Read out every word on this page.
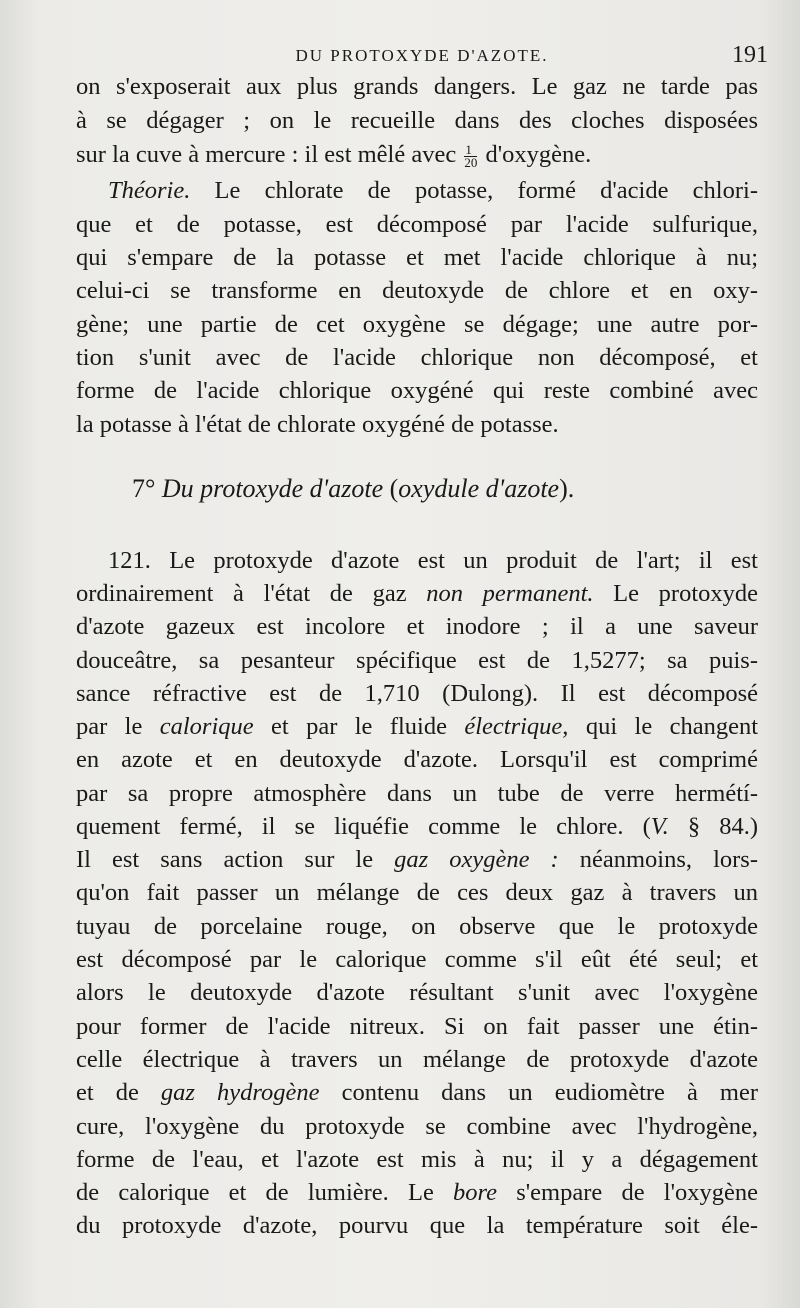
DU PROTOXYDE D'AZOTE.	191
on s'exposerait aux plus grands dangers. Le gaz ne tarde pas
à se dégager ; on le recueille dans des cloches disposées
sur la cuve à mercure : il est mêlé avec $\frac{1}{20}$ d'oxygène.
Théorie. Le chlorate de potasse, formé d'acide chlori-
que et de potasse, est décomposé par l'acide sulfurique,
qui s'empare de la potasse et met l'acide chlorique à nu;
celui-ci se transforme en deutoxyde de chlore et en oxy-
gène; une partie de cet oxygène se dégage; une autre por-
tion s'unit avec de l'acide chlorique non décomposé, et
forme de l'acide chlorique oxygéné qui reste combiné avec
la potasse à l'état de chlorate oxygéné de potasse.
7° Du protoxyde d'azote (oxydule d'azote).
121. Le protoxyde d'azote est un produit de l'art; il est
ordinairement à l'état de gaz non permanent. Le protoxyde
d'azote gazeux est incolore et inodore ; il a une saveur
douceâtre, sa pesanteur spécifique est de 1,5277; sa puis-
sance réfractive est de 1,710 (Dulong). Il est décomposé
par le calorique et par le fluide électrique, qui le changent
en azote et en deutoxyde d'azote. Lorsqu'il est comprimé
par sa propre atmosphère dans un tube de verre hermétí-
quement fermé, il se liquéfie comme le chlore. (V. § 84.)
Il est sans action sur le gaz oxygène : néanmoins, lors-
qu'on fait passer un mélange de ces deux gaz à travers un
tuyau de porcelaine rouge, on observe que le protoxyde
est décomposé par le calorique comme s'il eût été seul; et
alors le deutoxyde d'azote résultant s'unit avec l'oxygène
pour former de l'acide nitreux. Si on fait passer une étin-
celle électrique à travers un mélange de protoxyde d'azote
et de gaz hydrogène contenu dans un eudiomètre à mer
cure, l'oxygène du protoxyde se combine avec l'hydrogène,
forme de l'eau, et l'azote est mis à nu; il y a dégagement
de calorique et de lumière. Le bore s'empare de l'oxygène
du protoxyde d'azote, pourvu que la température soit éle-
